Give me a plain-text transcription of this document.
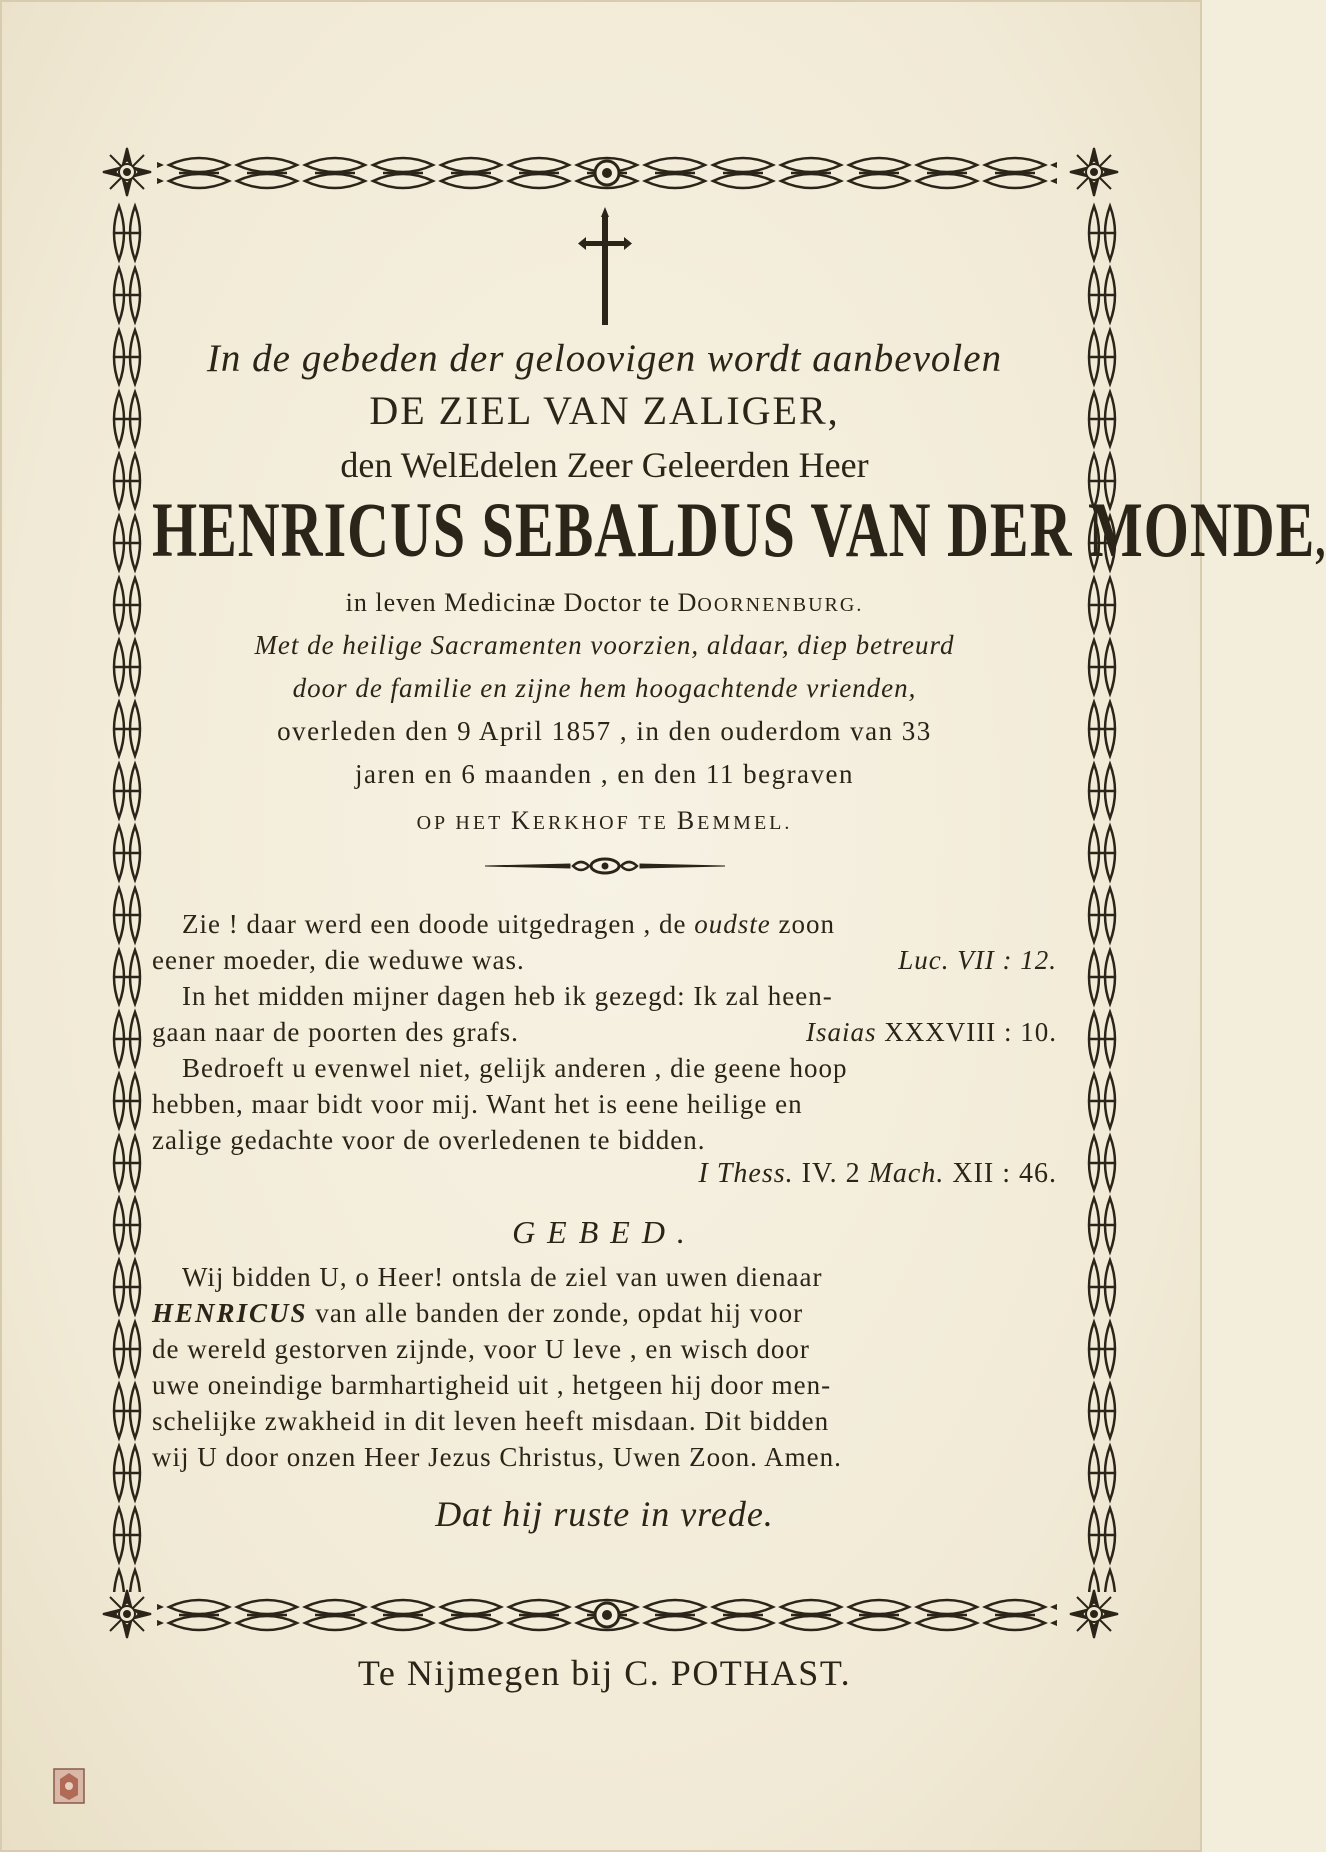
In de gebeden der geloovigen wordt aanbevolen
DE ZIEL VAN ZALIGER,
den WelEdelen Zeer Geleerden Heer
HENRICUS SEBALDUS VAN DER MONDE,
in leven Medicinæ Doctor te DOORNENBURG.
Met de heilige Sacramenten voorzien, aldaar, diep betreurd
door de familie en zijne hem hoogachtende vrienden,
overleden den 9 April 1857 , in den ouderdom van 33
jaren en 6 maanden , en den 11 begraven
OP HET KERKHOF TE BEMMEL.
Zie ! daar werd een doode uitgedragen , de oudste zoon
eener moeder, die weduwe was.	Luc. VII : 12.
In het midden mijner dagen heb ik gezegd: Ik zal heen-
gaan naar de poorten des grafs.	Isaias XXXVIII : 10.
Bedroeft u evenwel niet, gelijk anderen , die geene hoop
hebben, maar bidt voor mij. Want het is eene heilige en
zalige gedachte voor de overledenen te bidden.
I Thess. IV. 2 Mach. XII : 46.
GEBED.
Wij bidden U, o Heer! ontsla de ziel van uwen dienaar
HENRICUS van alle banden der zonde, opdat hij voor
de wereld gestorven zijnde, voor U leve , en wisch door
uwe oneindige barmhartigheid uit , hetgeen hij door men-
schelijke zwakheid in dit leven heeft misdaan. Dit bidden
wij U door onzen Heer Jezus Christus, Uwen Zoon. Amen.
Dat hij ruste in vrede.
Te Nijmegen bij C. POTHAST.
